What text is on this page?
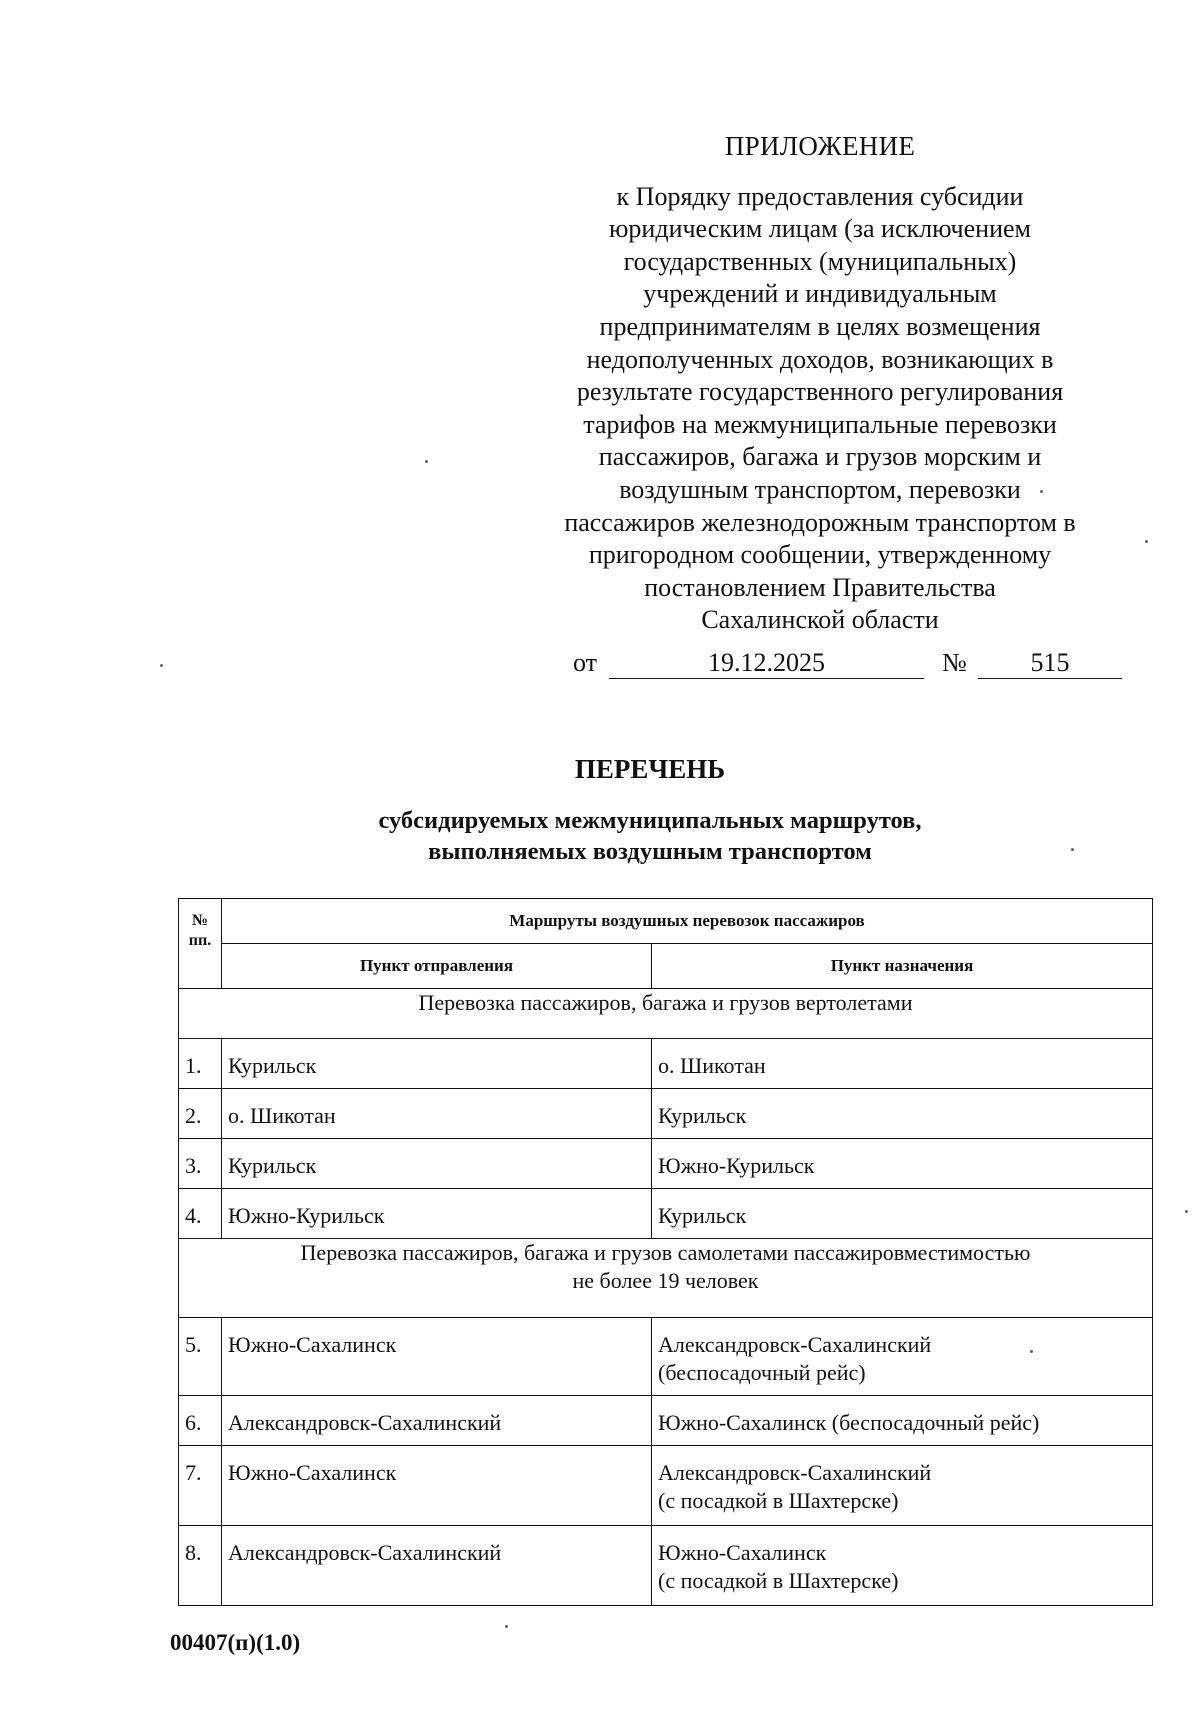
ПРИЛОЖЕНИЕ
к Порядку предоставления субсидии
юридическим лицам (за исключением
государственных (муниципальных)
учреждений и индивидуальным
предпринимателям в целях возмещения
недополученных доходов, возникающих в
результате государственного регулирования
тарифов на межмуниципальные перевозки
пассажиров, багажа и грузов морским и
воздушным транспортом, перевозки
пассажиров железнодорожным транспортом в
пригородном сообщении, утвержденному
постановлением Правительства
Сахалинской области
от	19.12.2025	№	515
ПЕРЕЧЕНЬ
субсидируемых межмуниципальных маршрутов,
выполняемых воздушным транспортом
№
пп.	Маршруты воздушных перевозок пассажиров	
	Пункт отправления	Пункт назначения

Перевозка пассажиров, багажа и грузов вертолетами		

1.	Курильск	о. Шикотан
2.	о. Шикотан	Курильск
3.	Курильск	Южно-Курильск
4.	Южно-Курильск	Курильск

Перевозка пассажиров, багажа и грузов самолетами пассажировместимостью
не более 19 человек		

5.	Южно-Сахалинск	Александровск-Сахалинский
(беспосадочный рейс)

6.	Александровск-Сахалинский	Южно-Сахалинск (беспосадочный рейс)
7.	Южно-Сахалинск	Александровск-Сахалинский
(с посадкой в Шахтерске)

8.	Александровск-Сахалинский	Южно-Сахалинск
(с посадкой в Шахтерске)
00407(п)(1.0)
